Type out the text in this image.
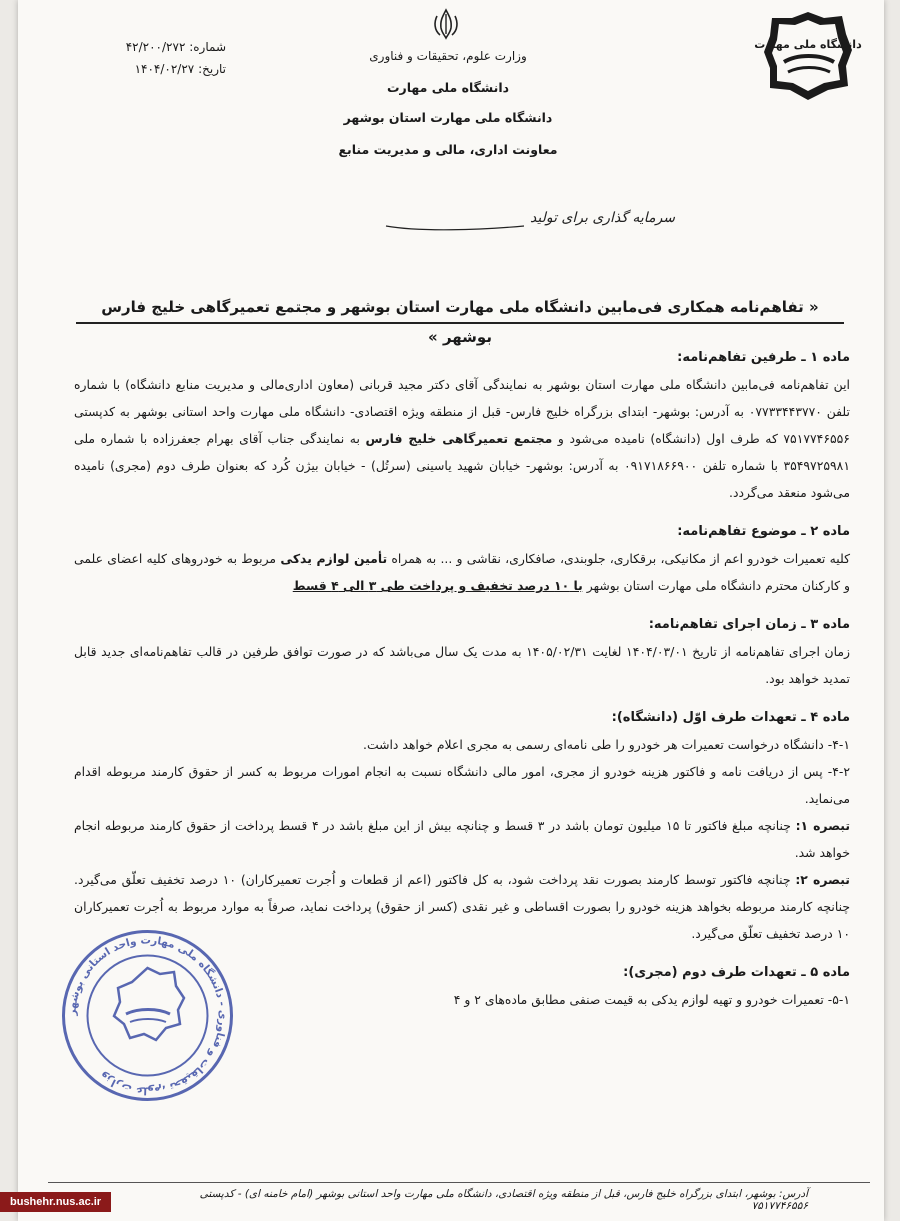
شماره: ۴۲/۲۰۰/۲۷۲
تاریخ: ۱۴۰۴/۰۲/۲۷
وزارت علوم، تحقیقات و فناوری
دانشگاه ملی مهارت
دانشگاه ملی مهارت استان بوشهر
معاونت اداری، مالی و مدیریت منابع
دانشگاه ملی مهارت
سرمایه گذاری برای تولید
« تفاهم‌نامه همکاری فی‌مابین دانشگاه ملی مهارت استان بوشهر و مجتمع تعمیرگاهی خلیج فارس بوشهر »
ماده ۱ ـ طرفین تفاهم‌نامه:

این تفاهم‌نامه فی‌مابین دانشگاه ملی مهارت استان بوشهر به نمایندگی آقای دکتر مجید قربانی (معاون اداری‌مالی و مدیریت منابع دانشگاه) با شماره تلفن ۰۷۷۳۳۴۴۳۷۷۰ به آدرس: بوشهر- ابتدای بزرگراه خلیج فارس- قبل از منطقه ویژه اقتصادی- دانشگاه ملی مهارت واحد استانی بوشهر به کدپستی ۷۵۱۷۷۴۶۵۵۶ که طرف اول (دانشگاه) نامیده می‌شود و مجتمع تعمیرگاهی خلیج فارس به نمایندگی جناب آقای بهرام جعفرزاده با شماره ملی ۳۵۴۹۷۲۵۹۸۱ با شماره تلفن ۰۹۱۷۱۸۶۶۹۰۰ به آدرس: بوشهر- خیابان شهید یاسینی (سرتُل) - خیابان بیژن کُرد که بعنوان طرف دوم (مجری) نامیده می‌شود منعقد می‌گردد.

ماده ۲ ـ موضوع تفاهم‌نامه:

کلیه تعمیرات خودرو اعم از مکانیکی، برقکاری، جلوبندی، صافکاری، نقاشی و ... به همراه تأمین لوازم یدکی مربوط به خودروهای کلیه اعضای علمی و کارکنان محترم دانشگاه ملی مهارت استان بوشهر با ۱۰ درصد تخفیف و پرداخت طی ۳ الی ۴ قسط

ماده ۳ ـ زمان اجرای تفاهم‌نامه:

زمان اجرای تفاهم‌نامه از تاریخ ۱۴۰۴/۰۳/۰۱ لغایت ۱۴۰۵/۰۲/۳۱ به مدت یک سال می‌باشد که در صورت توافق طرفین در قالب تفاهم‌نامه‌ای جدید قابل تمدید خواهد بود.

ماده ۴ ـ تعهدات طرف اوّل (دانشگاه):

۴-۱- دانشگاه درخواست تعمیرات هر خودرو را طی نامه‌ای رسمی به مجری اعلام خواهد داشت.

۴-۲- پس از دریافت نامه و فاکتور هزینه خودرو از مجری، امور مالی دانشگاه نسبت به انجام امورات مربوط به کسر از حقوق کارمند مربوطه اقدام می‌نماید.

تبصره ۱: چنانچه مبلغ فاکتور تا ۱۵ میلیون تومان باشد در ۳ قسط و چنانچه بیش از این مبلغ باشد در ۴ قسط پرداخت از حقوق کارمند مربوطه انجام خواهد شد.

تبصره ۲: چنانچه فاکتور توسط کارمند بصورت نقد پرداخت شود، به کل فاکتور (اعم از قطعات و اُجرت تعمیرکاران) ۱۰ درصد تخفیف تعلّق می‌گیرد. چنانچه کارمند مربوطه بخواهد هزینه خودرو را بصورت اقساطی و غیر نقدی (کسر از حقوق) پرداخت نماید، صرفاً به موارد مربوط به اُجرت تعمیرکاران ۱۰ درصد تخفیف تعلّق می‌گیرد.

ماده ۵ ـ تعهدات طرف دوم (مجری):

۵-۱- تعمیرات خودرو و تهیه لوازم یدکی به قیمت صنفی مطابق ماده‌های ۲ و ۴

وزارت علوم، تحقیقات و فناوری - دانشگاه ملی مهارت واحد استانی بوشهر
آدرس: بوشهر، ابتدای بزرگراه خلیج فارس، قبل از منطقه ویژه اقتصادی، دانشگاه ملی مهارت واحد استانی بوشهر (امام خامنه ای) - کدپستی ۷۵۱۷۷۴۶۵۵۶
bushehr.nus.ac.ir
